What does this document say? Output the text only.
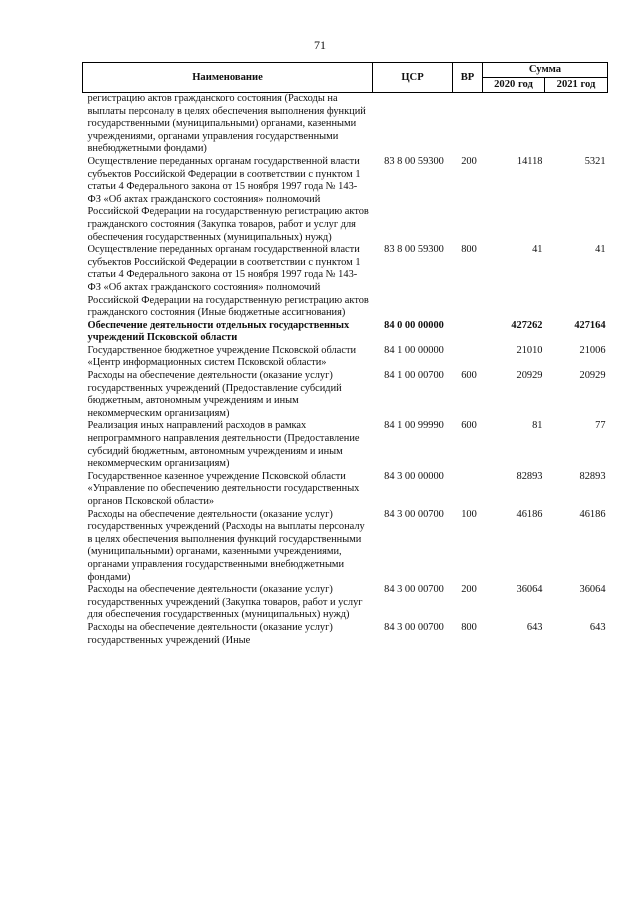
71
Наименование	ЦСР	ВР	Сумма	
			2020 год	2021 год
регистрацию актов гражданского состояния (Расходы на выплаты персоналу в целях обеспечения выполнения функций государственными (муниципальными) органами, казенными учреждениями, органами управления государственными внебюджетными фондами)				
Осуществление переданных органам государственной власти субъектов Российской Федерации в соответствии с пунктом 1 статьи 4 Федерального закона от 15 ноября 1997 года № 143-ФЗ «Об актах гражданского состояния» полномочий Российской Федерации на государственную регистрацию актов гражданского состояния (Закупка товаров, работ и услуг для обеспечения государственных (муниципальных) нужд)	83 8 00 59300	200	14118	5321
Осуществление переданных органам государственной власти субъектов Российской Федерации в соответствии с пунктом 1 статьи 4 Федерального закона от 15 ноября 1997 года № 143-ФЗ «Об актах гражданского состояния» полномочий Российской Федерации на государственную регистрацию актов гражданского состояния (Иные бюджетные ассигнования)	83 8 00 59300	800	41	41
Обеспечение деятельности отдельных государственных учреждений Псковской области	84 0 00 00000		427262	427164
Государственное бюджетное учреждение Псковской области «Центр информационных систем Псковской области»	84 1 00 00000		21010	21006
Расходы на обеспечение деятельности (оказание услуг) государственных учреждений (Предоставление субсидий бюджетным, автономным учреждениям и иным некоммерческим организациям)	84 1 00 00700	600	20929	20929
Реализация иных направлений расходов в рамках непрограммного направления деятельности (Предоставление субсидий бюджетным, автономным учреждениям и иным некоммерческим организациям)	84 1 00 99990	600	81	77
Государственное казенное учреждение Псковской области «Управление по обеспечению деятельности государственных органов Псковской области»	84 3 00 00000		82893	82893
Расходы на обеспечение деятельности (оказание услуг) государственных учреждений (Расходы на выплаты персоналу в целях обеспечения выполнения функций государственными (муниципальными) органами, казенными учреждениями, органами управления государственными внебюджетными фондами)	84 3 00 00700	100	46186	46186
Расходы на обеспечение деятельности (оказание услуг) государственных учреждений (Закупка товаров, работ и услуг для обеспечения государственных (муниципальных) нужд)	84 3 00 00700	200	36064	36064
Расходы на обеспечение деятельности (оказание услуг) государственных учреждений (Иные	84 3 00 00700	800	643	643
